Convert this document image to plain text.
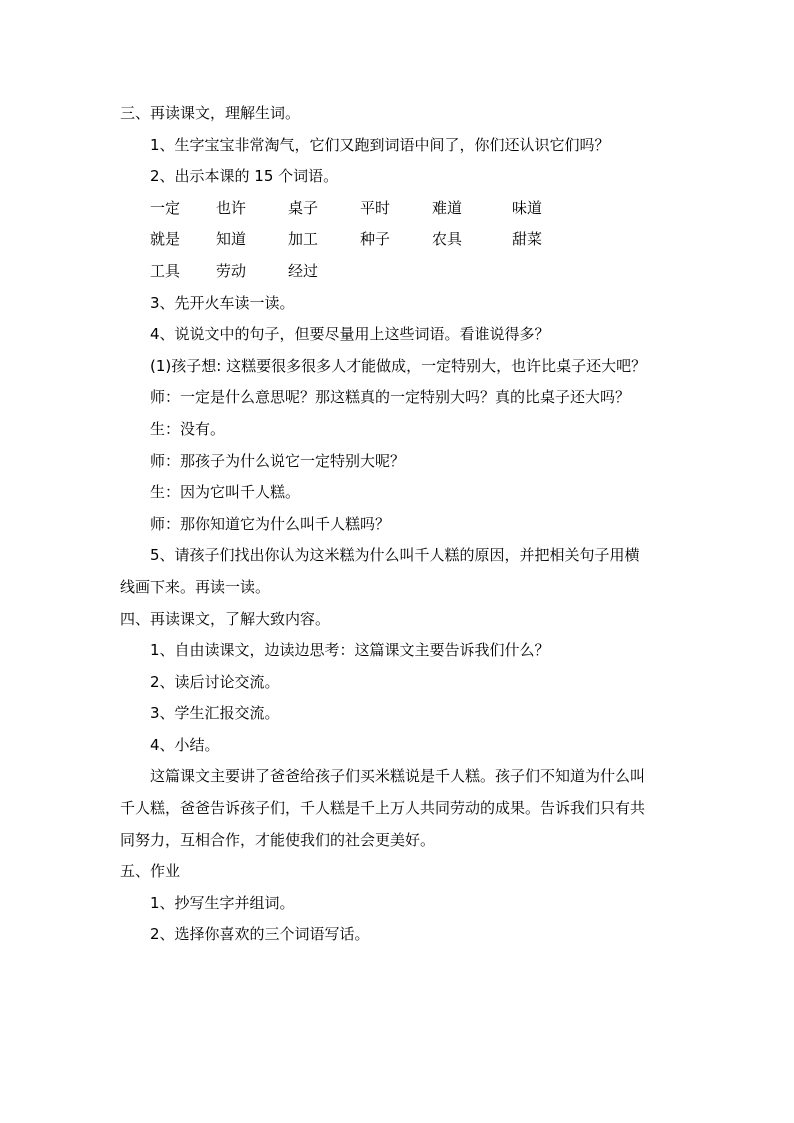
三、再读课文，理解生词。
1、生字宝宝非常淘气，它们又跑到词语中间了，你们还认识它们吗？
2、出示本课的 15 个词语。
一定 也许	桌子	平时	难道	味道
就是 知道	加工	种子	农具	甜菜
工具 劳动	经过
3、先开火车读一读。
4、说说文中的句子，但要尽量用上这些词语。看谁说得多？
(1)孩子想: 这糕要很多很多人才能做成，一定特别大，也许比桌子还大吧？
师：一定是什么意思呢？那这糕真的一定特别大吗？真的比桌子还大吗？
生：没有。
师：那孩子为什么说它一定特别大呢？
生：因为它叫千人糕。
师：那你知道它为什么叫千人糕吗？
5、请孩子们找出你认为这米糕为什么叫千人糕的原因，并把相关句子用横
线画下来。再读一读。
四、再读课文，了解大致内容。
1、自由读课文，边读边思考：这篇课文主要告诉我们什么？
2、读后讨论交流。
3、学生汇报交流。
4、小结。
这篇课文主要讲了爸爸给孩子们买米糕说是千人糕。孩子们不知道为什么叫
千人糕，爸爸告诉孩子们，千人糕是千上万人共同劳动的成果。告诉我们只有共
同努力，互相合作，才能使我们的社会更美好。
五、作业
1、抄写生字并组词。
2、选择你喜欢的三个词语写话。
